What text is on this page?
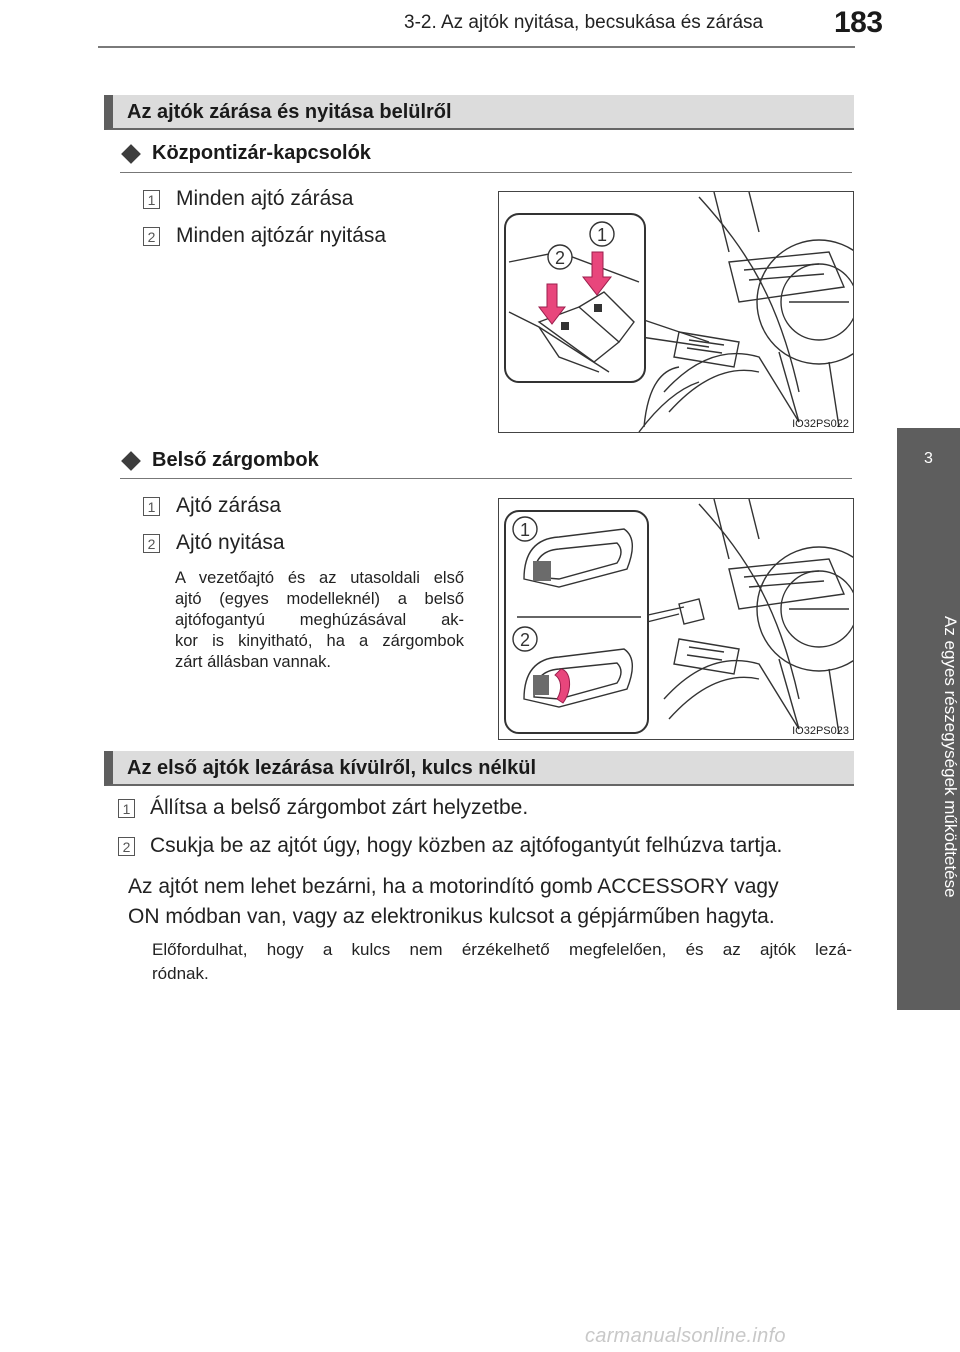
3-2. Az ajtók nyitása, becsukása és zárása 183
3
Az egyes részegységek működtetése
Az ajtók zárása és nyitása belülről
Központizár-kapcsolók
1 Minden ajtó zárása
2 Minden ajtózár nyitása
2
1
IO32PS022
Belső zárgombok
1 Ajtó zárása
2 Ajtó nyitása
A vezetőajtó és az utasoldali első
ajtó (egyes modelleknél) a belső
ajtófogantyú meghúzásával ak-
kor is kinyitható, ha a zárgombok
zárt állásban vannak.
1
2
IO32PS023
Az első ajtók lezárása kívülről, kulcs nélkül
1 Állítsa a belső zárgombot zárt helyzetbe.
2 Csukja be az ajtót úgy, hogy közben az ajtófogantyút felhúzva tartja.
Az ajtót nem lehet bezárni, ha a motorindító gomb ACCESSORY vagy
ON módban van, vagy az elektronikus kulcsot a gépjárműben hagyta.
Előfordulhat, hogy a kulcs nem érzékelhető megfelelően, és az ajtók lezá-
ródnak.
carmanualsonline.info
